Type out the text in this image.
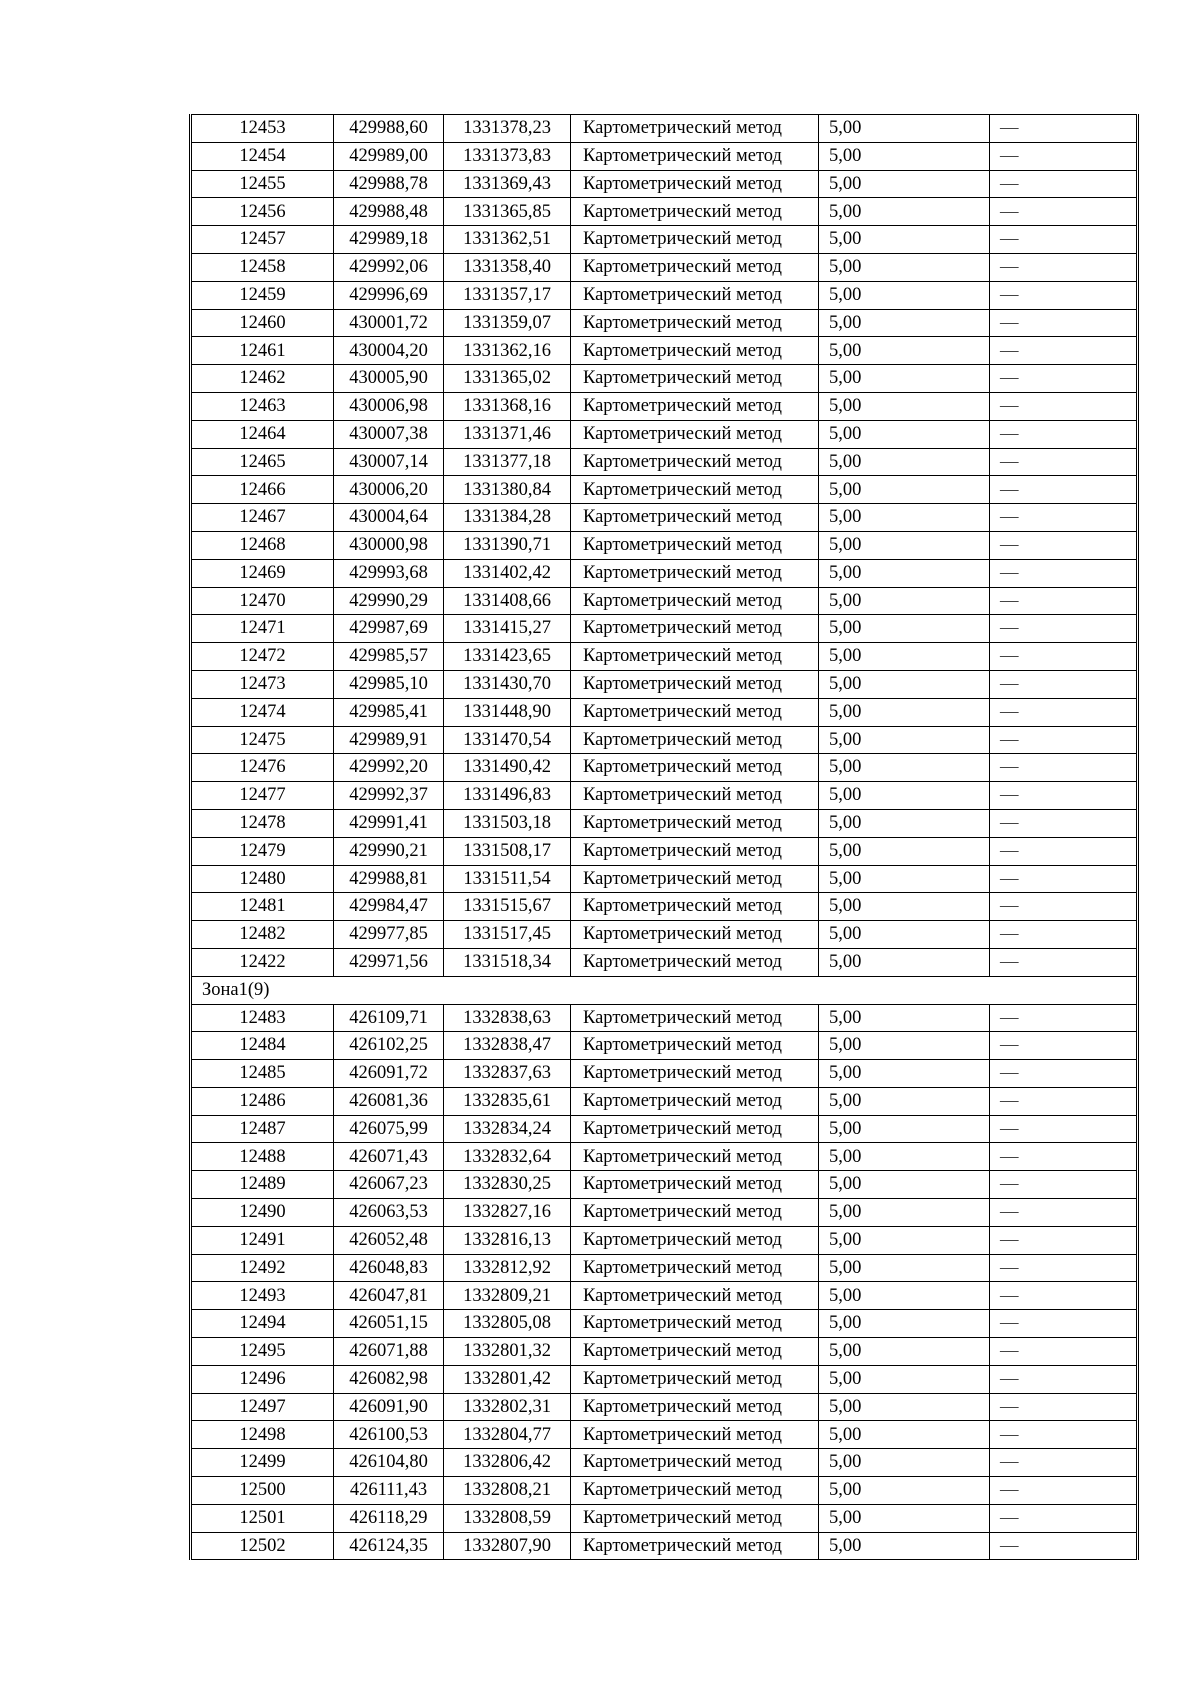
12453	429988,60	1331378,23	Картометрический метод	5,00	—
12454	429989,00	1331373,83	Картометрический метод	5,00	—
12455	429988,78	1331369,43	Картометрический метод	5,00	—
12456	429988,48	1331365,85	Картометрический метод	5,00	—
12457	429989,18	1331362,51	Картометрический метод	5,00	—
12458	429992,06	1331358,40	Картометрический метод	5,00	—
12459	429996,69	1331357,17	Картометрический метод	5,00	—
12460	430001,72	1331359,07	Картометрический метод	5,00	—
12461	430004,20	1331362,16	Картометрический метод	5,00	—
12462	430005,90	1331365,02	Картометрический метод	5,00	—
12463	430006,98	1331368,16	Картометрический метод	5,00	—
12464	430007,38	1331371,46	Картометрический метод	5,00	—
12465	430007,14	1331377,18	Картометрический метод	5,00	—
12466	430006,20	1331380,84	Картометрический метод	5,00	—
12467	430004,64	1331384,28	Картометрический метод	5,00	—
12468	430000,98	1331390,71	Картометрический метод	5,00	—
12469	429993,68	1331402,42	Картометрический метод	5,00	—
12470	429990,29	1331408,66	Картометрический метод	5,00	—
12471	429987,69	1331415,27	Картометрический метод	5,00	—
12472	429985,57	1331423,65	Картометрический метод	5,00	—
12473	429985,10	1331430,70	Картометрический метод	5,00	—
12474	429985,41	1331448,90	Картометрический метод	5,00	—
12475	429989,91	1331470,54	Картометрический метод	5,00	—
12476	429992,20	1331490,42	Картометрический метод	5,00	—
12477	429992,37	1331496,83	Картометрический метод	5,00	—
12478	429991,41	1331503,18	Картометрический метод	5,00	—
12479	429990,21	1331508,17	Картометрический метод	5,00	—
12480	429988,81	1331511,54	Картометрический метод	5,00	—
12481	429984,47	1331515,67	Картометрический метод	5,00	—
12482	429977,85	1331517,45	Картометрический метод	5,00	—
12422	429971,56	1331518,34	Картометрический метод	5,00	—
Зона1(9)					
12483	426109,71	1332838,63	Картометрический метод	5,00	—
12484	426102,25	1332838,47	Картометрический метод	5,00	—
12485	426091,72	1332837,63	Картометрический метод	5,00	—
12486	426081,36	1332835,61	Картометрический метод	5,00	—
12487	426075,99	1332834,24	Картометрический метод	5,00	—
12488	426071,43	1332832,64	Картометрический метод	5,00	—
12489	426067,23	1332830,25	Картометрический метод	5,00	—
12490	426063,53	1332827,16	Картометрический метод	5,00	—
12491	426052,48	1332816,13	Картометрический метод	5,00	—
12492	426048,83	1332812,92	Картометрический метод	5,00	—
12493	426047,81	1332809,21	Картометрический метод	5,00	—
12494	426051,15	1332805,08	Картометрический метод	5,00	—
12495	426071,88	1332801,32	Картометрический метод	5,00	—
12496	426082,98	1332801,42	Картометрический метод	5,00	—
12497	426091,90	1332802,31	Картометрический метод	5,00	—
12498	426100,53	1332804,77	Картометрический метод	5,00	—
12499	426104,80	1332806,42	Картометрический метод	5,00	—
12500	426111,43	1332808,21	Картометрический метод	5,00	—
12501	426118,29	1332808,59	Картометрический метод	5,00	—
12502	426124,35	1332807,90	Картометрический метод	5,00	—
